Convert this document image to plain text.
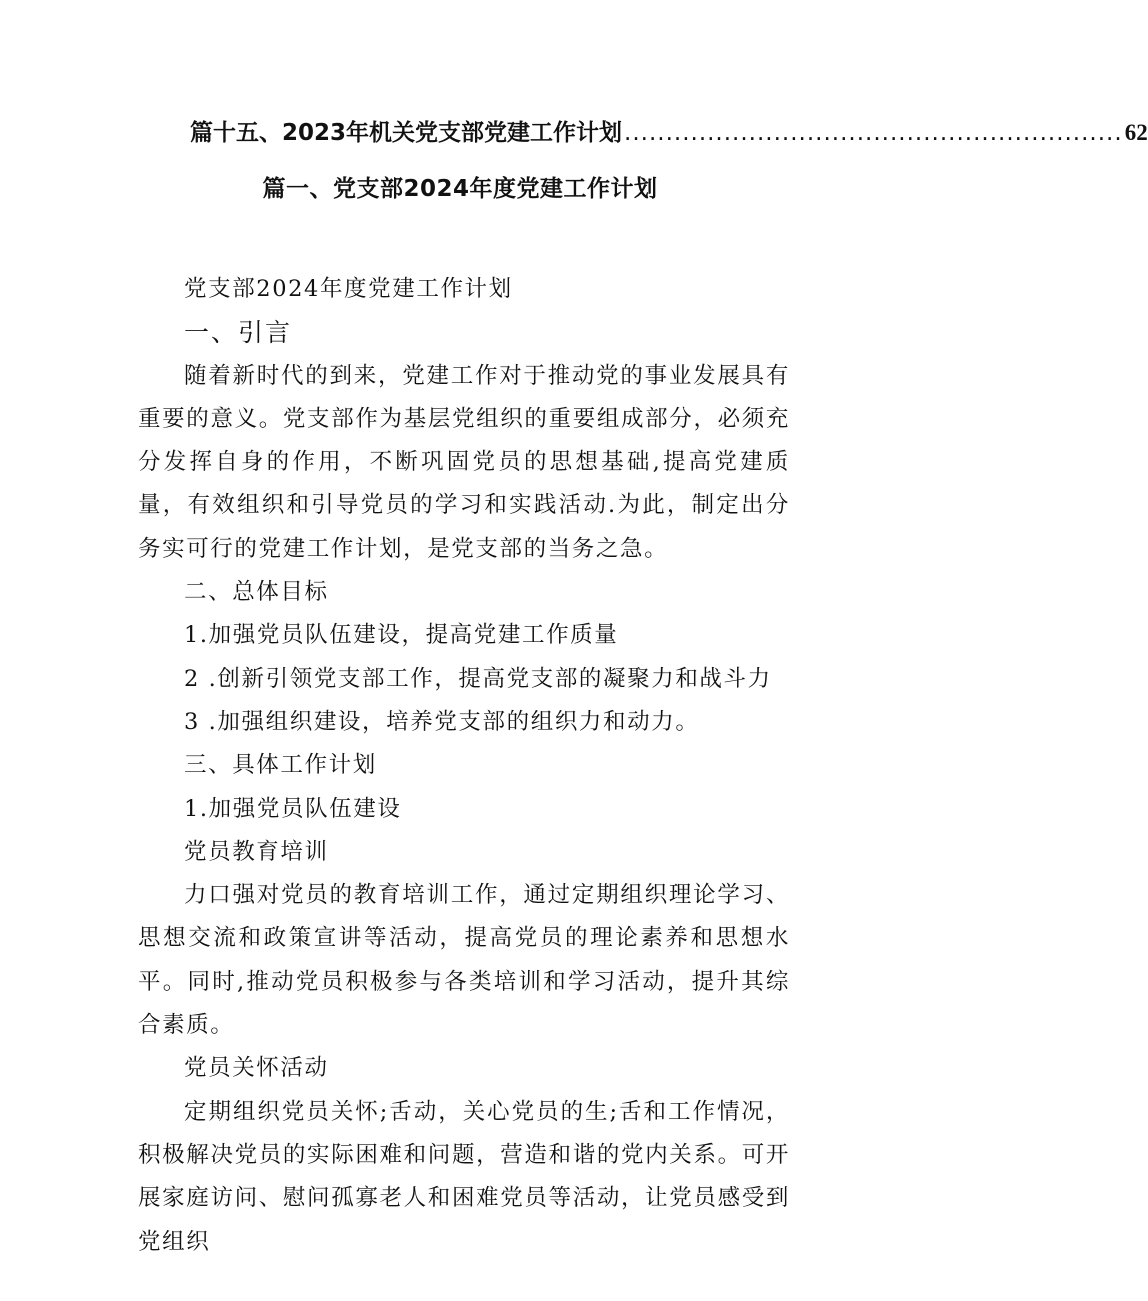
篇十五、2023年机关党支部党建工作计划 ............................................................ 62
篇一、党支部2024年度党建工作计划

党支部2024年度党建工作计划

一、引言

随着新时代的到来，党建工作对于推动党的事业发展具有重要的意义。党支部作为基层党组织的重要组成部分，必须充分发挥自身的作用，不断巩固党员的思想基础,提高党建质量，有效组织和引导党员的学习和实践活动.为此，制定出分务实可行的党建工作计划，是党支部的当务之急。

二、总体目标

1.加强党员队伍建设，提高党建工作质量

2 .创新引领党支部工作，提高党支部的凝聚力和战斗力

3 .加强组织建设，培养党支部的组织力和动力。

三、具体工作计划

1.加强党员队伍建设

党员教育培训

力口强对党员的教育培训工作，通过定期组织理论学习、思想交流和政策宣讲等活动，提高党员的理论素养和思想水平。同时,推动党员积极参与各类培训和学习活动，提升其综合素质。

党员关怀活动

定期组织党员关怀;舌动，关心党员的生;舌和工作情况，积极解决党员的实际困难和问题，营造和谐的党内关系。可开展家庭访问、慰问孤寡老人和困难党员等活动，让党员感受到党组织
